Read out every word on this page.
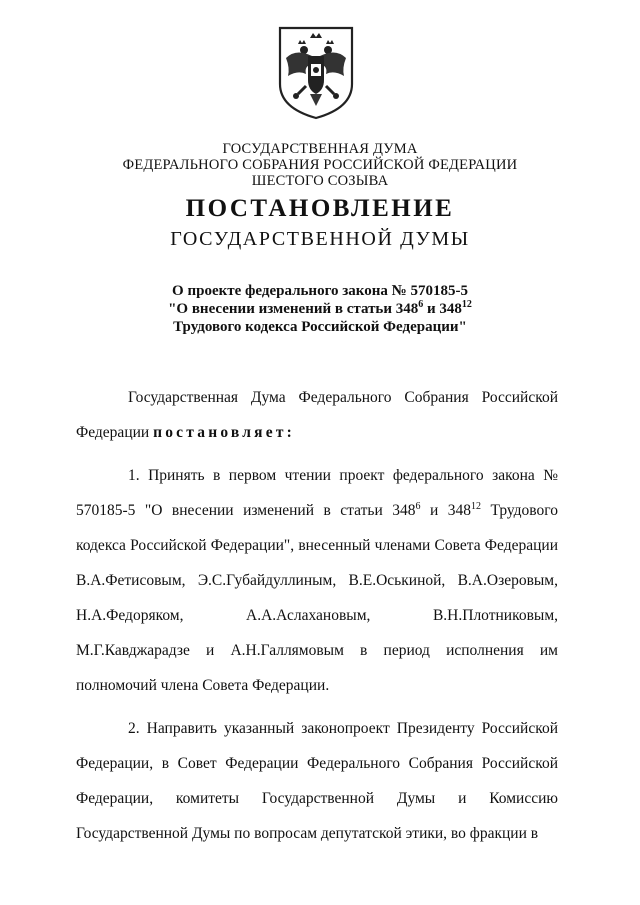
ГОСУДАРСТВЕННАЯ ДУМА
ФЕДЕРАЛЬНОГО СОБРАНИЯ РОССИЙСКОЙ ФЕДЕРАЦИИ
ШЕСТОГО СОЗЫВА
ПОСТАНОВЛЕНИЕ
ГОСУДАРСТВЕННОЙ ДУМЫ
О проекте федерального закона № 570185-5
"О внесении изменений в статьи $348^6$ и $348^{12}$
Трудового кодекса Российской Федерации"

Государственная Дума Федерального Собрания Российской Федерации постановляет:

1. Принять в первом чтении проект федерального закона № 570185-5 "О внесении изменений в статьи $348^6$ и $348^{12}$ Трудового кодекса Российской Федерации", внесенный членами Совета Федерации В.А.Фетисовым, Э.С.Губайдуллиным, В.Е.Оськиной, В.А.Озеровым, Н.А.Федоряком, А.А.Аслахановым, В.Н.Плотниковым, М.Г.Кавджарадзе и А.Н.Галлямовым в период исполнения им полномочий члена Совета Федерации.

2. Направить указанный законопроект Президенту Российской Федерации, в Совет Федерации Федерального Собрания Российской Федерации, комитеты Государственной Думы и Комиссию Государственной Думы по вопросам депутатской этики, во фракции в
